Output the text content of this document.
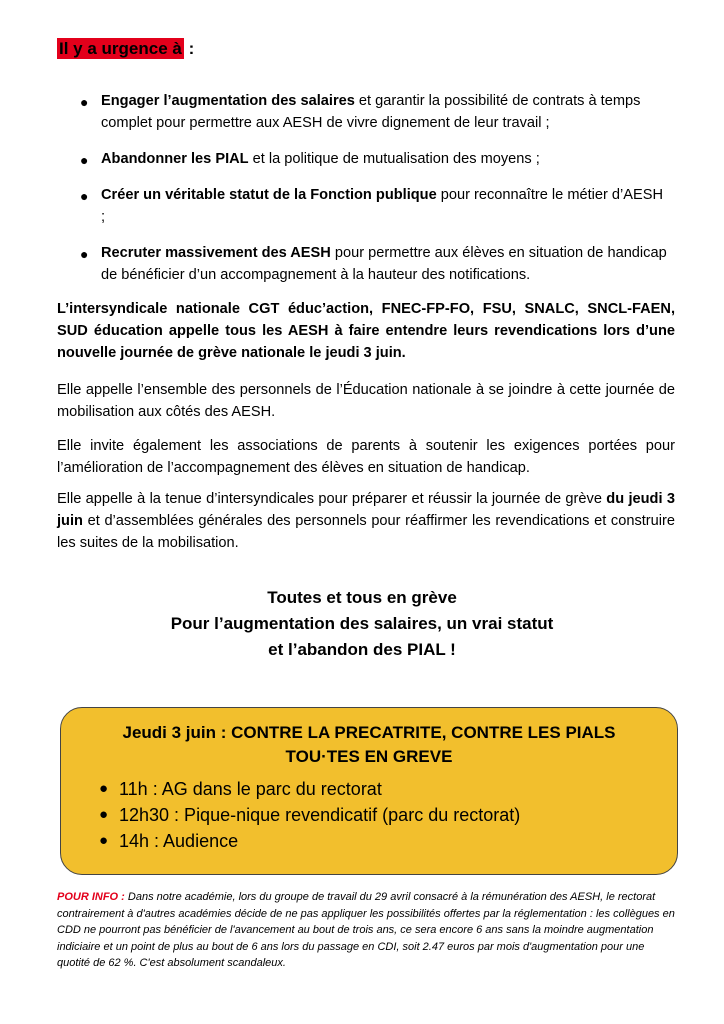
Il y a urgence à :
● Engager l’augmentation des salaires et garantir la possibilité de contrats à temps complet pour permettre aux AESH de vivre dignement de leur travail ;
● Abandonner les PIAL et la politique de mutualisation des moyens ;
● Créer un véritable statut de la Fonction publique pour reconnaître le métier d’AESH ;
● Recruter massivement des AESH pour permettre aux élèves en situation de handicap de bénéficier d’un accompagnement à la hauteur des notifications.

L’intersyndicale nationale CGT éduc’action, FNEC-FP-FO, FSU, SNALC, SNCL-FAEN, SUD éducation appelle tous les AESH à faire entendre leurs revendications lors d’une nouvelle journée de grève nationale le jeudi 3 juin.

Elle appelle l’ensemble des personnels de l’Éducation nationale à se joindre à cette journée de mobilisation aux côtés des AESH.

Elle invite également les associations de parents à soutenir les exigences portées pour l’amélioration de l’accompagnement des élèves en situation de handicap.

Elle appelle à la tenue d’intersyndicales pour préparer et réussir la journée de grève du jeudi 3 juin et d’assemblées générales des personnels pour réaffirmer les revendications et construire les suites de la mobilisation.

Toutes et tous en grève
Pour l’augmentation des salaires, un vrai statut
et l’abandon des PIAL !
Jeudi 3 juin : CONTRE LA PRECATRITE, CONTRE LES PIALS
TOU·TES EN GREVE
● 11h : AG dans le parc du rectorat
● 12h30 : Pique-nique revendicatif (parc du rectorat)
● 14h : Audience

POUR INFO : Dans notre académie, lors du groupe de travail du 29 avril consacré à la rémunération des AESH, le rectorat contrairement à d'autres académies décide de ne pas appliquer les possibilités offertes par la réglementation : les collègues en CDD ne pourront pas bénéficier de l'avancement au bout de trois ans, ce sera encore 6 ans sans la moindre augmentation indiciaire et un point de plus au bout de 6 ans lors du passage en CDI, soit 2.47 euros par mois d'augmentation pour une quotité de 62 %. C'est absolument scandaleux.
